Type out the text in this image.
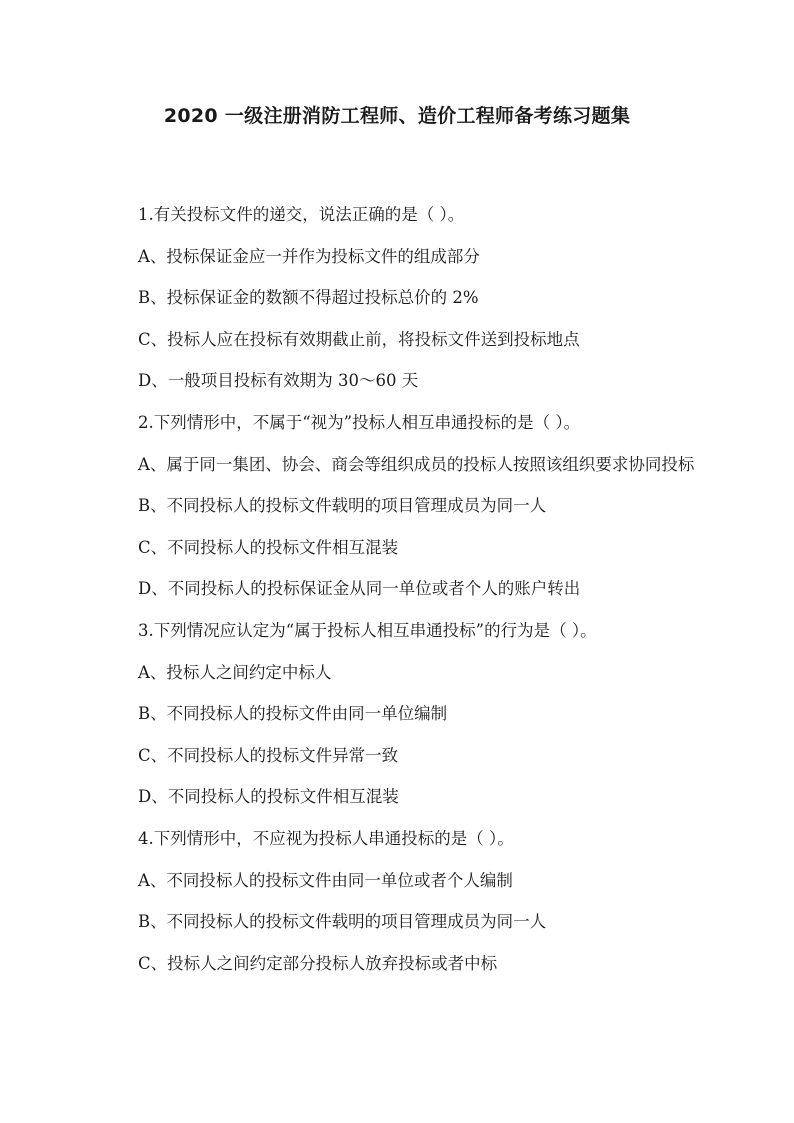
2020 一级注册消防工程师、造价工程师备考练习题集

1.有关投标文件的递交，说法正确的是（ ）。

A、投标保证金应一并作为投标文件的组成部分

B、投标保证金的数额不得超过投标总价的 2%

C、投标人应在投标有效期截止前，将投标文件送到投标地点

D、一般项目投标有效期为 30～60 天

2.下列情形中，不属于“视为”投标人相互串通投标的是（ ）。

A、属于同一集团、协会、商会等组织成员的投标人按照该组织要求协同投标

B、不同投标人的投标文件载明的项目管理成员为同一人

C、不同投标人的投标文件相互混装

D、不同投标人的投标保证金从同一单位或者个人的账户转出

3.下列情况应认定为“属于投标人相互串通投标”的行为是（ ）。

A、投标人之间约定中标人

B、不同投标人的投标文件由同一单位编制

C、不同投标人的投标文件异常一致

D、不同投标人的投标文件相互混装

4.下列情形中，不应视为投标人串通投标的是（ ）。

A、不同投标人的投标文件由同一单位或者个人编制

B、不同投标人的投标文件载明的项目管理成员为同一人

C、投标人之间约定部分投标人放弃投标或者中标
